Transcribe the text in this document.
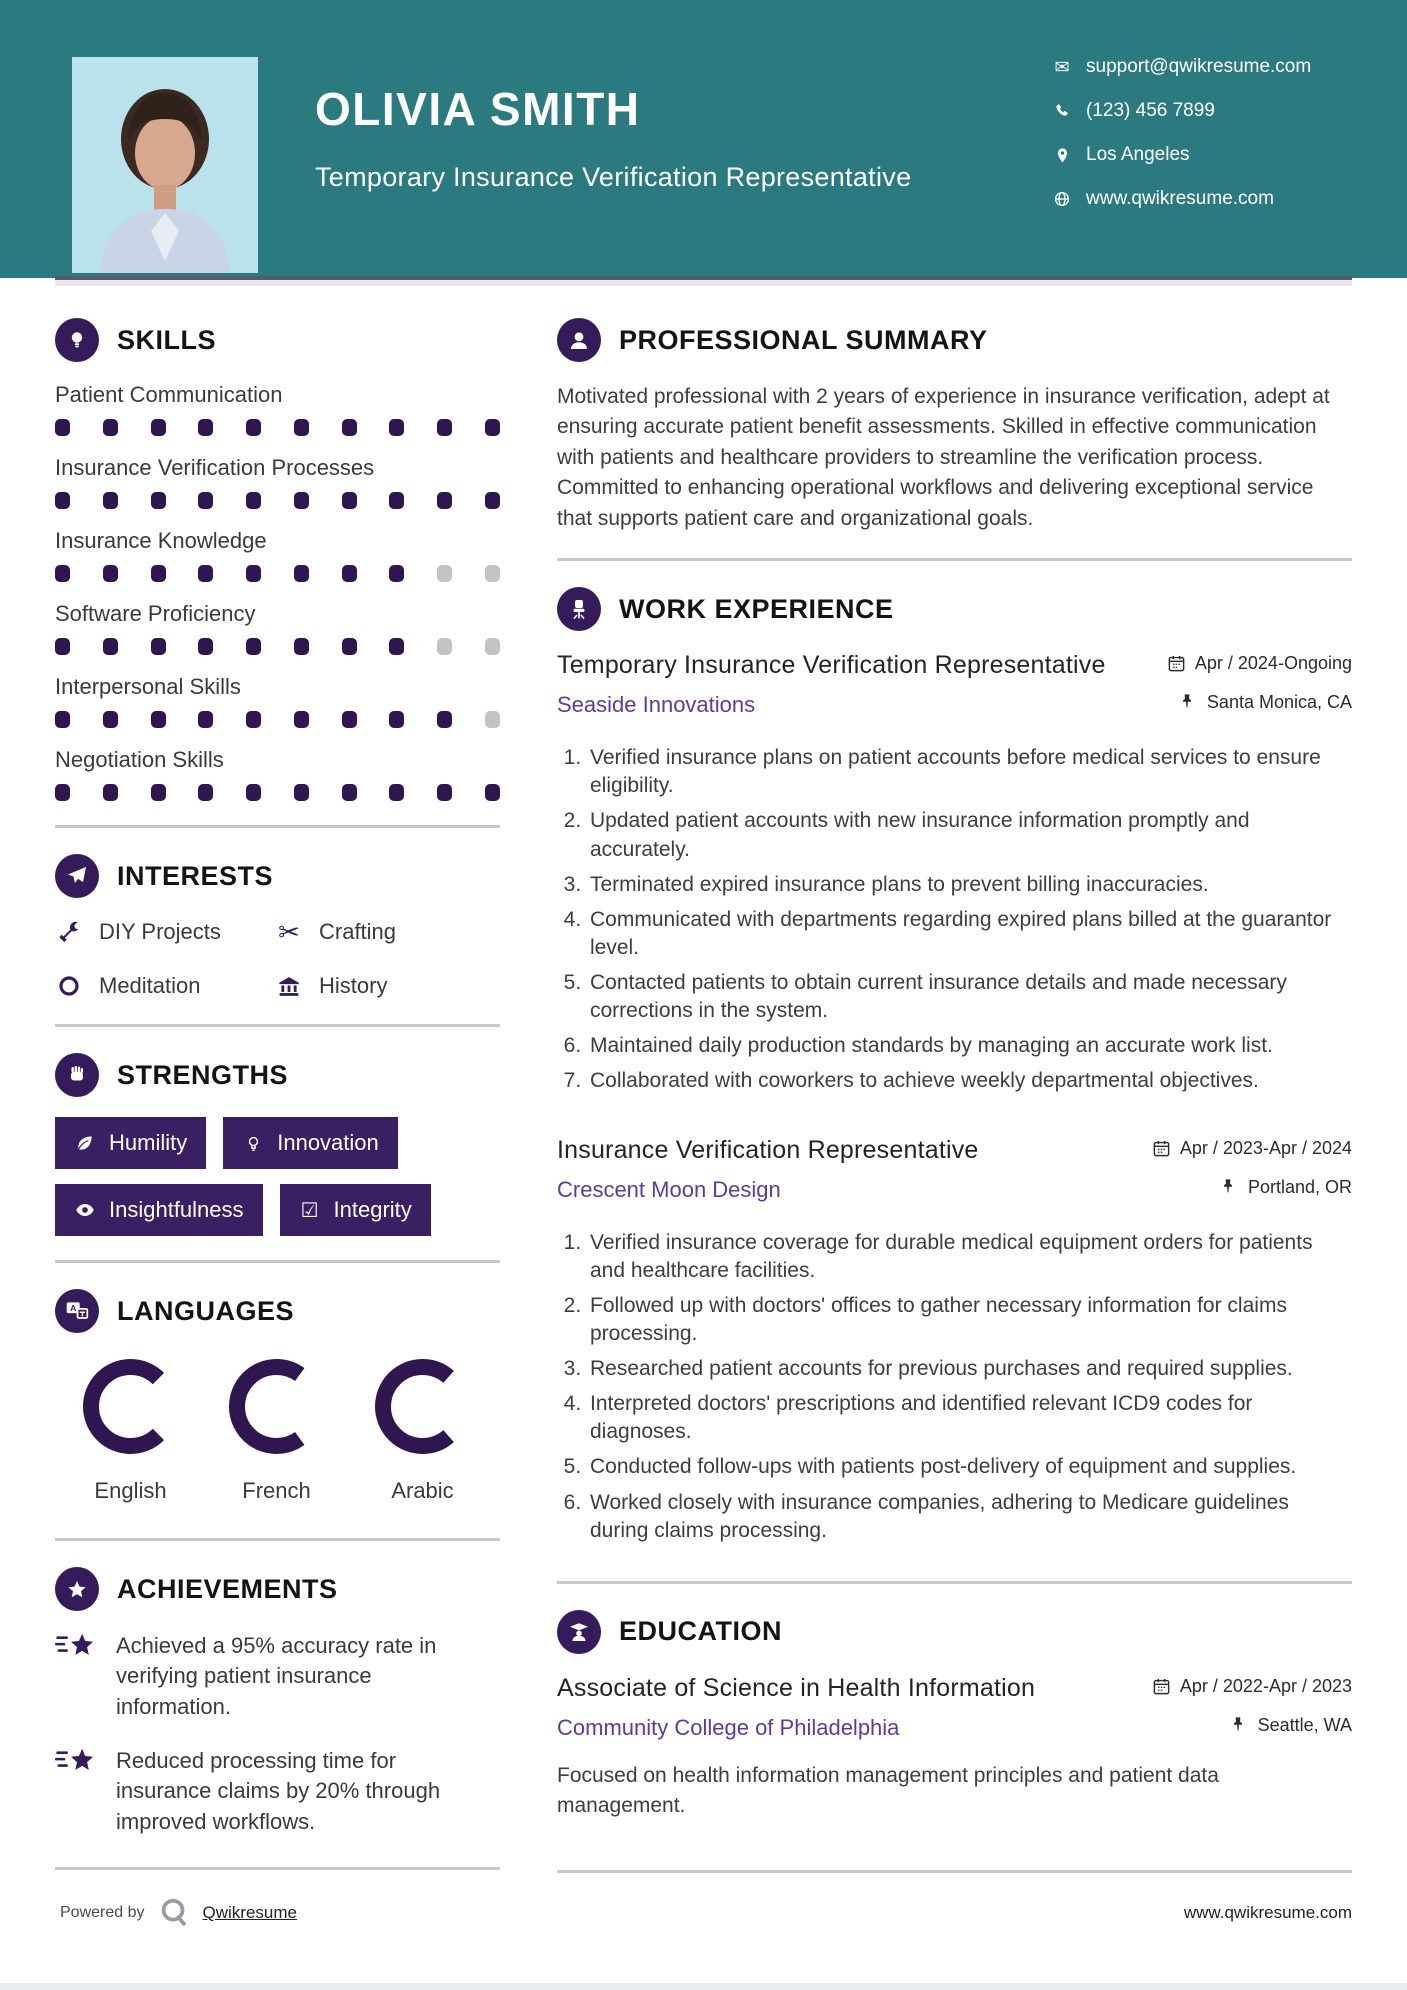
OLIVIA SMITH
Temporary Insurance Verification Representative
✉ support@qwikresume.com
(123) 456 7899
Los Angeles
www.qwikresume.com
SKILLS
Patient Communication
Insurance Verification Processes
Insurance Knowledge
Software Proficiency
Interpersonal Skills
Negotiation Skills
INTERESTS
DIY Projects ✂ Crafting
Meditation	History
STRENGTHS
Humility	Innovation
Insightfulness	☑ Integrity
A LANGUAGES
English	French	Arabic
ACHIEVEMENTS
Achieved a 95% accuracy rate in verifying patient insurance information.
Reduced processing time for insurance claims by 20% through improved workflows.
PROFESSIONAL SUMMARY

Motivated professional with 2 years of experience in insurance verification, adept at ensuring accurate patient benefit assessments. Skilled in effective communication with patients and healthcare providers to streamline the verification process. Committed to enhancing operational workflows and delivering exceptional service that supports patient care and organizational goals.

WORK EXPERIENCE
Temporary Insurance Verification Representative	Apr / 2024-Ongoing
Seaside Innovations	Santa Monica, CA
1. Verified insurance plans on patient accounts before medical services to ensure eligibility.
2. Updated patient accounts with new insurance information promptly and accurately.
3. Terminated expired insurance plans to prevent billing inaccuracies.
4. Communicated with departments regarding expired plans billed at the guarantor level.
5. Contacted patients to obtain current insurance details and made necessary corrections in the system.
6. Maintained daily production standards by managing an accurate work list.
7. Collaborated with coworkers to achieve weekly departmental objectives.
Insurance Verification Representative	Apr / 2023-Apr / 2024
Crescent Moon Design	Portland, OR
1. Verified insurance coverage for durable medical equipment orders for patients and healthcare facilities.
2. Followed up with doctors' offices to gather necessary information for claims processing.
3. Researched patient accounts for previous purchases and required supplies.
4. Interpreted doctors' prescriptions and identified relevant ICD9 codes for diagnoses.
5. Conducted follow-ups with patients post-delivery of equipment and supplies.
6. Worked closely with insurance companies, adhering to Medicare guidelines during claims processing.
EDUCATION
Associate of Science in Health Information	Apr / 2022-Apr / 2023
Community College of Philadelphia	Seattle, WA
Focused on health information management principles and patient data management.
Powered by	Qwikresume	www.qwikresume.com
